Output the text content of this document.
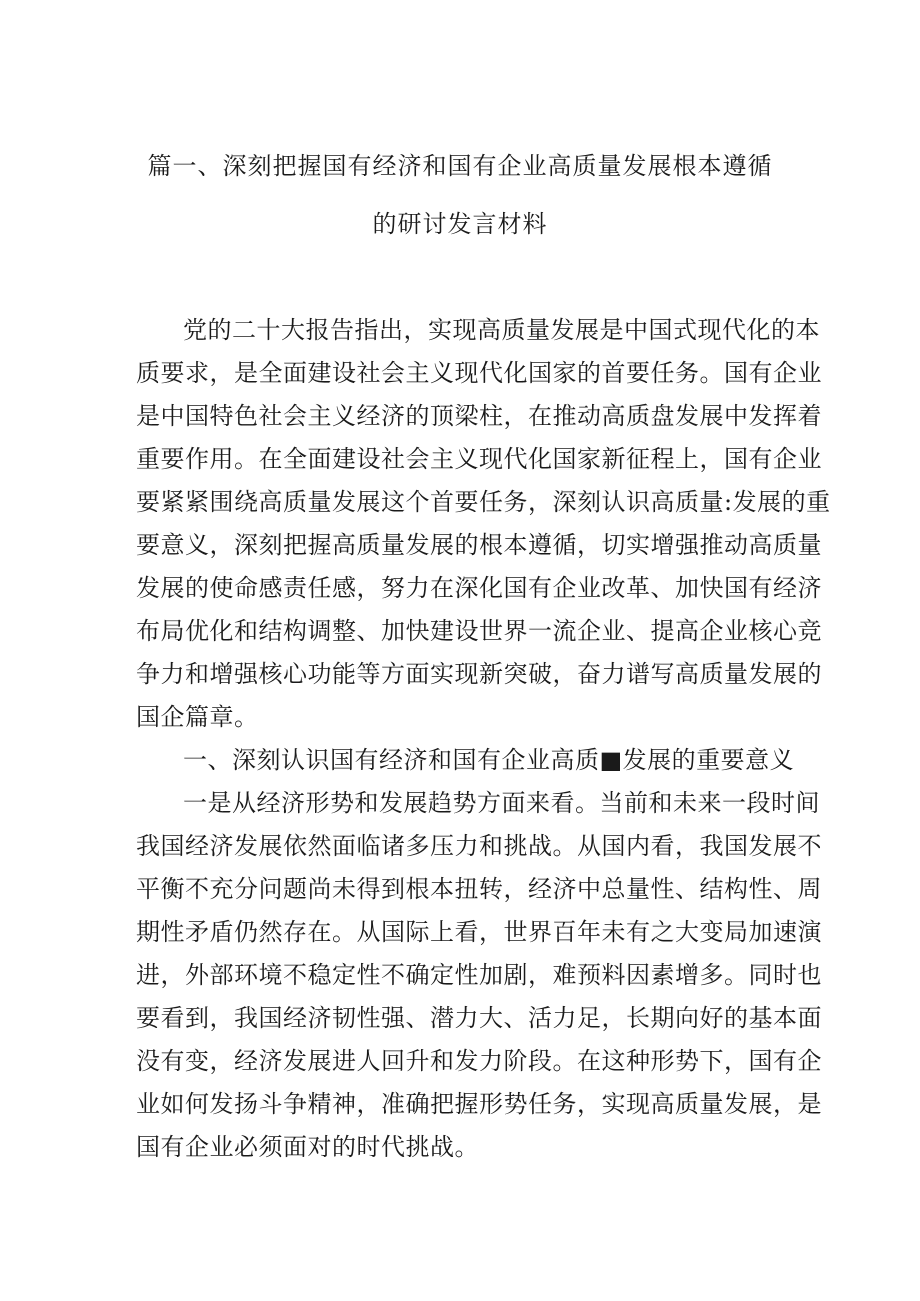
篇一、深刻把握国有经济和国有企业高质量发展根本遵循
的研讨发言材料
党的二十大报告指出，实现高质量发展是中国式现代化的本
质要求，是全面建设社会主义现代化国家的首要任务。国有企业
是中国特色社会主义经济的顶梁柱，在推动高质盘发展中发挥着
重要作用。在全面建设社会主义现代化国家新征程上，国有企业
要紧紧围绕高质量发展这个首要任务，深刻认识高质量:发展的重
要意义，深刻把握高质量发展的根本遵循，切实增强推动高质量
发展的使命感责任感，努力在深化国有企业改革、加快国有经济
布局优化和结构调整、加快建设世界一流企业、提高企业核心竞
争力和增强核心功能等方面实现新突破，奋力谱写高质量发展的
国企篇章。
一、深刻认识国有经济和国有企业高质■发展的重要意义
一是从经济形势和发展趋势方面来看。当前和未来一段时间
我国经济发展依然面临诸多压力和挑战。从国内看，我国发展不
平衡不充分问题尚未得到根本扭转，经济中总量性、结构性、周
期性矛盾仍然存在。从国际上看，世界百年未有之大变局加速演
进，外部环境不稳定性不确定性加剧，难预料因素增多。同时也
要看到，我国经济韧性强、潜力大、活力足，长期向好的基本面
没有变，经济发展进人回升和发力阶段。在这种形势下，国有企
业如何发扬斗争精神，准确把握形势任务，实现高质量发展，是
国有企业必须面对的时代挑战。
